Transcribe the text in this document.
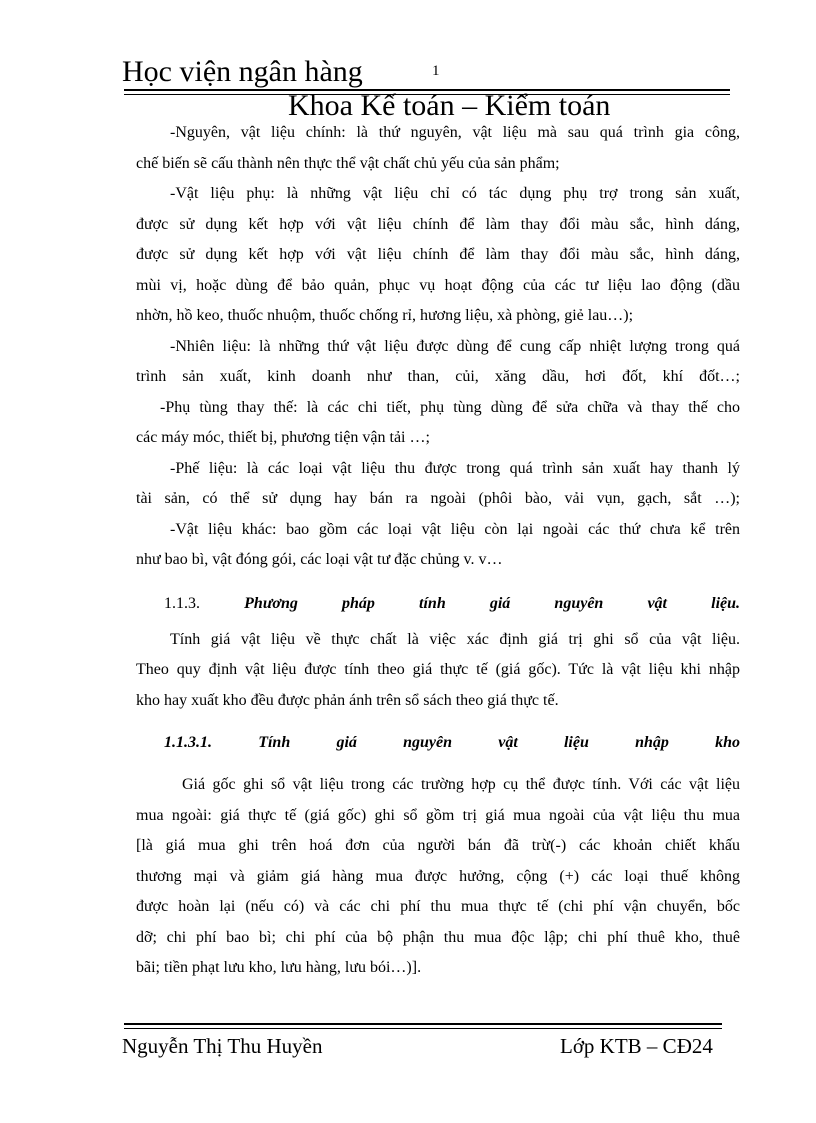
Học viện ngân hàng	1
Khoa Kế toán – Kiểm toán

-Nguyên, vật liệu chính: là thứ nguyên, vật liệu mà sau quá trình gia công,

chế biến sẽ cấu thành nên thực thể vật chất chủ yếu của sản phẩm;

-Vật liệu phụ: là những vật liệu chỉ có tác dụng phụ trợ trong sản xuất,

được sử dụng kết hợp với vật liệu chính để làm thay đổi màu sắc, hình dáng,

được sử dụng kết hợp với vật liệu chính để làm thay đổi màu sắc, hình dáng,

mùi vị, hoặc dùng để bảo quản, phục vụ hoạt động của các tư liệu lao động (dầu

nhờn, hồ keo, thuốc nhuộm, thuốc chống rỉ, hương liệu, xà phòng, giẻ lau…);

-Nhiên liệu: là những thứ vật liệu được dùng để cung cấp nhiệt lượng trong quá

trình sản xuất, kinh doanh như than, củi, xăng dầu, hơi đốt, khí đốt…;

-Phụ tùng thay thế: là các chi tiết, phụ tùng dùng để sửa chữa và thay thế cho

các máy móc, thiết bị, phương tiện vận tải …;

-Phế liệu: là các loại vật liệu thu được trong quá trình sản xuất hay thanh lý

tài sản, có thể sử dụng hay bán ra ngoài (phôi bào, vải vụn, gạch, sắt …);

-Vật liệu khác: bao gồm các loại vật liệu còn lại ngoài các thứ chưa kể trên

như bao bì, vật đóng gói, các loại vật tư đặc chủng v. v…

1.1.3.	Phương pháp tính giá nguyên vật liệu.

Tính giá vật liệu về thực chất là việc xác định giá trị ghi sổ của vật liệu.

Theo quy định vật liệu được tính theo giá thực tế (giá gốc). Tức là vật liệu khi nhập

kho hay xuất kho đều được phản ánh trên sổ sách theo giá thực tế.

1.1.3.1. Tính giá nguyên vật liệu nhập kho

Giá gốc ghi sổ vật liệu trong các trường hợp cụ thể được tính. Với các vật liệu

mua ngoài: giá thực tế (giá gốc) ghi sổ gồm trị giá mua ngoài của vật liệu thu mua

[là giá mua ghi trên hoá đơn của người bán đã trừ(-) các khoản chiết khấu

thương mại và giảm giá hàng mua được hưởng, cộng (+) các loại thuế không

được hoàn lại (nếu có) và các chi phí thu mua thực tế (chi phí vận chuyển, bốc

dỡ; chi phí bao bì; chi phí của bộ phận thu mua độc lập; chi phí thuê kho, thuê

bãi; tiền phạt lưu kho, lưu hàng, lưu bói…)].

Nguyễn Thị Thu Huyền	Lớp KTB – CĐ24
